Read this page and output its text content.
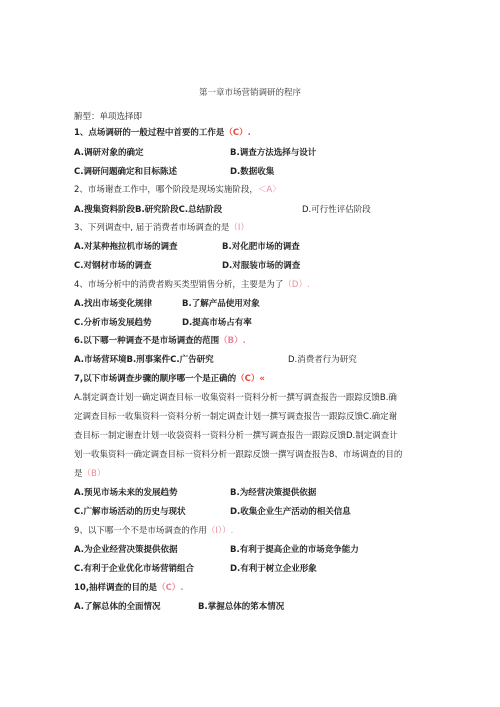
第一章市场营销调研的程序
腑型：单项选择即
1、点场调研的一般过程中首要的工作是（C）.
A.调研对象的确定	B.调查方法选择与设计
C.调研问题确定和目标陈述	D.数据收集
2、市场谢查工作中，哪个阶段是现场实施阶段，＜A〉
A.搜集资料阶段B.研究阶段C.总结阶段	D.可行性评估阶段
3、下列调查中, 届于消费者市场调查的是（I）
A.对某种拖拉机市场的调査	B.对化肥市场的调查
C.对钢材市场的调查	D.对服装市场的调查
4、市场分析中的消费者购买类型销售分析，主要是为了（D）.
A.找出市场变化规律	B.了解产品使用对象
C.分析市场发展趋势	D.提高市场占有率
6.以下哪一种调查不是市场调查的范围（B）.
A.市场营环境B.刑事案件C.广告研究	D.消费者行为研究
7,以下市场调查步骤的顺序哪一个是正确的（C）«
A.制定调查计划一确定调查目标一收集资料一资料分析一撰写调查报告一跟踪反馈B.确
定调查目标一收集资料一资料分析一制定调查计划一撰写调查报告一跟踪反馈C.确定谢
查目标一制定谢査计划一收袋资料一资料分析一撰写调查报告一跟踪反馈D.制定调查计
划一收集资料一确定调查目标一资料分析一跟踪反馈一撰写调查报告8、市场调查的目的
是（B）
A.预见市场未来的发展趋势	B.为经营决策提供依据
C.广解市场活动的历史与现状	D.收集企业生产活动的相关信息
9、以下哪一个不是市场调查的作用（I））.
A.为企业经营决策提供依据	B.有利于提高企业的市场竞争能力
C.有利于企业优化市场营销组合	D.有利于树立企业形象
10,抽样调查的目的是（C）.
A.了解总体的全面情况	B.掌握总体的笫本情况
